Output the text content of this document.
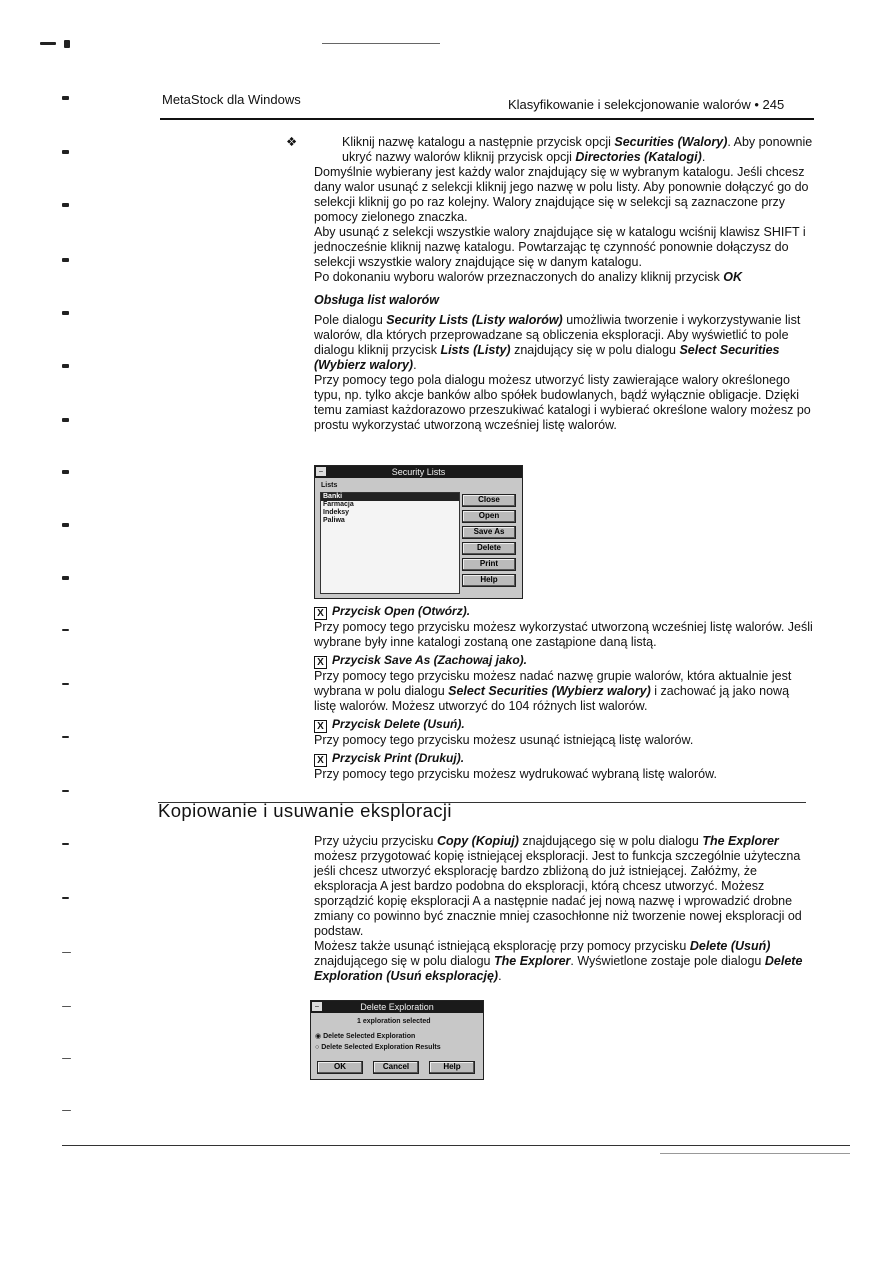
MetaStock dla Windows	Klasyfikowanie i selekcjonowanie walorów • 245

❖	Kliknij nazwę katalogu a następnie przycisk opcji Securities (Walory). Aby ponownie ukryć nazwy walorów kliknij przycisk opcji Directories (Katalogi).

Domyślnie wybierany jest każdy walor znajdujący się w wybranym katalogu. Jeśli chcesz dany walor usunąć z selekcji kliknij jego nazwę w polu listy. Aby ponownie dołączyć go do selekcji kliknij go po raz kolejny. Walory znajdujące się w selekcji są zaznaczone przy pomocy zielonego znaczka.

Aby usunąć z selekcji wszystkie walory znajdujące się w katalogu wciśnij klawisz SHIFT i jednocześnie kliknij nazwę katalogu. Powtarzając tę czynność ponownie dołączysz do selekcji wszystkie walory znajdujące się w danym katalogu.

Po dokonaniu wyboru walorów przeznaczonych do analizy kliknij przycisk OK

Obsługa list walorów

Pole dialogu Security Lists (Listy walorów) umożliwia tworzenie i wykorzystywanie list walorów, dla których przeprowadzane są obliczenia eksploracji. Aby wyświetlić to pole dialogu kliknij przycisk Lists (Listy) znajdujący się w polu dialogu Select Securities (Wybierz walory).

Przy pomocy tego pola dialogu możesz utworzyć listy zawierające walory określonego typu, np. tylko akcje banków albo spółek budowlanych, bądź wyłącznie obligacje. Dzięki temu zamiast każdorazowo przeszukiwać katalogi i wybierać określone walory możesz po prostu wykorzystać utworzoną wcześniej listę walorów.

Security Lists
–
Lists
Banki
Farmacja
Indeksy
Paliwa
Close
Open
Save As
Delete
Print
Help

X Przycisk Open (Otwórz).

Przy pomocy tego przycisku możesz wykorzystać utworzoną wcześniej listę walorów. Jeśli wybrane były inne katalogi zostaną one zastąpione daną listą.

X Przycisk Save As (Zachowaj jako).

Przy pomocy tego przycisku możesz nadać nazwę grupie walorów, która aktualnie jest wybrana w polu dialogu Select Securities (Wybierz walory) i zachować ją jako nową listę walorów. Możesz utworzyć do 104 różnych list walorów.

X Przycisk Delete (Usuń).

Przy pomocy tego przycisku możesz usunąć istniejącą listę walorów.

X Przycisk Print (Drukuj).

Przy pomocy tego przycisku możesz wydrukować wybraną listę walorów.

Kopiowanie i usuwanie eksploracji

Przy użyciu przycisku Copy (Kopiuj) znajdującego się w polu dialogu The Explorer możesz przygotować kopię istniejącej eksploracji. Jest to funkcja szczególnie użyteczna jeśli chcesz utworzyć eksplorację bardzo zbliżoną do już istniejącej. Załóżmy, że eksploracja A jest bardzo podobna do eksploracji, którą chcesz utworzyć. Możesz sporządzić kopię eksploracji A a następnie nadać jej nową nazwę i wprowadzić drobne zmiany co powinno być znacznie mniej czasochłonne niż tworzenie nowej eksploracji od podstaw.

Możesz także usunąć istniejącą eksplorację przy pomocy przycisku Delete (Usuń) znajdującego się w polu dialogu The Explorer. Wyświetlone zostaje pole dialogu Delete Exploration (Usuń eksplorację).

Delete Exploration
–
1 exploration selected
◉ Delete Selected Exploration
○ Delete Selected Exploration Results
OK	Cancel	Help
